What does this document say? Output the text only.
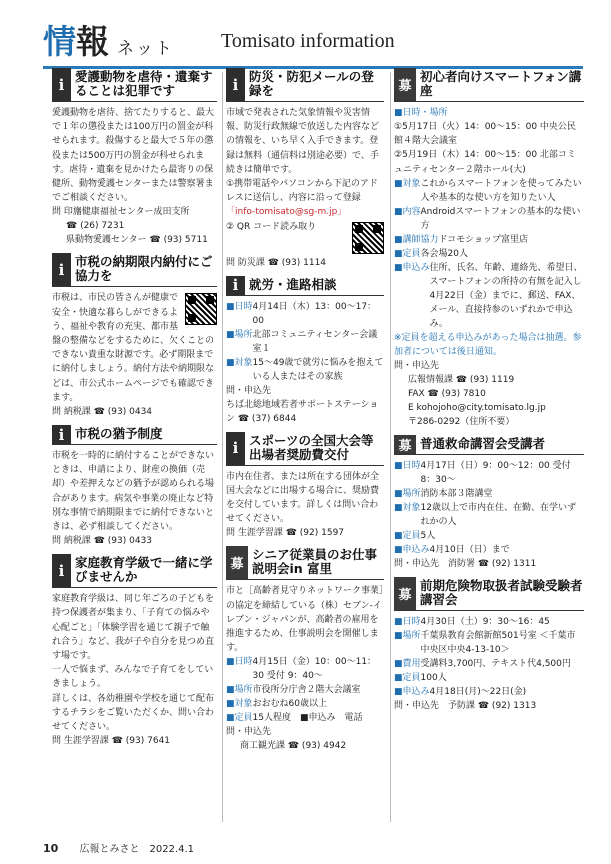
情報 ネット Tomisato information
i 愛護動物を虐待・遺棄することは犯罪です

愛護動物を虐待、捨てたりすると、最大で１年の懲役または100万円の罰金が科せられます。殺傷すると最大で５年の懲役または500万円の罰金が科せられます。虐待・遺棄を見かけたら最寄りの保健所、動物愛護センターまたは警察署までご相談ください。

問 印旛健康福祉センター成田支所
☎ (26) 7231
県動物愛護センター ☎ (93) 5711
i 市税の納期限内納付にご協力を

市税は、市民の皆さんが健康で安全・快適な暮らしができるよう、福祉や教育の充実、都市基盤の整備などをするために、欠くことのできない貴重な財源です。必ず期限までに納付しましょう。納付方法や納期限などは、市公式ホームページでも確認できます。

問 納税課 ☎ (93) 0434
i 市税の猶予制度

市税を一時的に納付することができないときは、申請により、財産の換価（売却）や差押えなどの猶予が認められる場合があります。病気や事業の廃止など特別な事情で納期限までに納付できないときは、必ず相談してください。

問 納税課 ☎ (93) 0433
i 家庭教育学級で一緒に学びませんか

家庭教育学級は、同じ年ごろの子どもを持つ保護者が集まり、「子育ての悩みや心配ごと」「体験学習を通じて親子で触れ合う」など、我が子や自分を見つめ直す場です。

一人で悩まず、みんなで子育てをしていきましょう。

詳しくは、各幼稚園や学校を通じて配布するチラシをご覧いただくか、問い合わせてください。

問 生涯学習課 ☎ (93) 7641
i 防災・防犯メールの登録を

市域で発表された気象情報や災害情報、防災行政無線で放送した内容などの情報を、いち早く入手できます。登録は無料（通信料は別途必要）で、手続きは簡単です。

①携帯電話やパソコンから下記のアドレスに送信し、内容に沿って登録

「info-tomisato@sg-m.jp」

② QR コード読み取り

問 防災課 ☎ (93) 1114
i 就労・進路相談
■日時 4月14日（木）13：00～17：00
■場所 北部コミュニティセンター会議室１
■対象 15～49歳で就労に悩みを抱えている人またはその家族
問・申込先
ちば北総地域若者サポートステーション ☎ (37) 6844
i スポーツの全国大会等出場者奨励費交付

市内在住者、または所在する団体が全国大会などに出場する場合に、奨励費を交付しています。詳しくは問い合わせてください。

問 生涯学習課 ☎ (92) 1597
募
シニア従業員のお仕事説明会in 富里

市と［高齢者見守りネットワーク事業］の協定を締結している（株）セブン-イレブン・ジャパンが、高齢者の雇用を推進するため、仕事説明会を開催します。

■日時 4月15日（金）10：00～11：30 受付 9：40～
■場所 市役所分庁舎２階大会議室
■対象 おおむね60歳以上
■定員 15人程度　■申込み　電話
問・申込先
商工観光課 ☎ (93) 4942
募
初心者向けスマートフォン講座
■日時・場所

①5月17日（火）14：00～15：00 中央公民館４階大会議室

②5月19日（木）14：00～15：00 北部コミュニティセンター２階ホール(大)

■対象 これからスマートフォンを使ってみたい人や基本的な使い方を知りたい人
■内容 Androidスマートフォンの基本的な使い方
■講師協力 ドコモショップ富里店
■定員 各会場20人
■申込み 住所、氏名、年齢、連絡先、希望日、スマートフォンの所持の有無を記入し4月22日（金）までに、郵送、FAX、メール、直接持参のいずれかで申込み。

※定員を超える申込みがあった場合は抽選。参加者については後日通知。

問・申込先
広報情報課 ☎ (93) 1119
FAX ☎ (93) 7810
E kohojoho@city.tomisato.lg.jp
〒286-0292（住所不要）
募 普通救命講習会受講者
■日時 4月17日（日）9：00～12：00 受付 8：30～
■場所 消防本部３階講堂
■対象 12歳以上で市内在住、在勤、在学いずれかの人
■定員 5人
■申込み 4月10日（日）まで
問・申込先　消防署 ☎ (92) 1311
募
前期危険物取扱者試験受験者講習会
■日時 4月30日（土）9：30～16：45
■場所 千葉県教育会館新館501号室 ＜千葉市中央区中央4-13-10＞
■費用 受講料3,700円、テキスト代4,500円
■定員 100人
■申込み 4月18日(月)～22日(金)
問・申込先　予防課 ☎ (92) 1313
10 広報とみさと　2022.4.1
